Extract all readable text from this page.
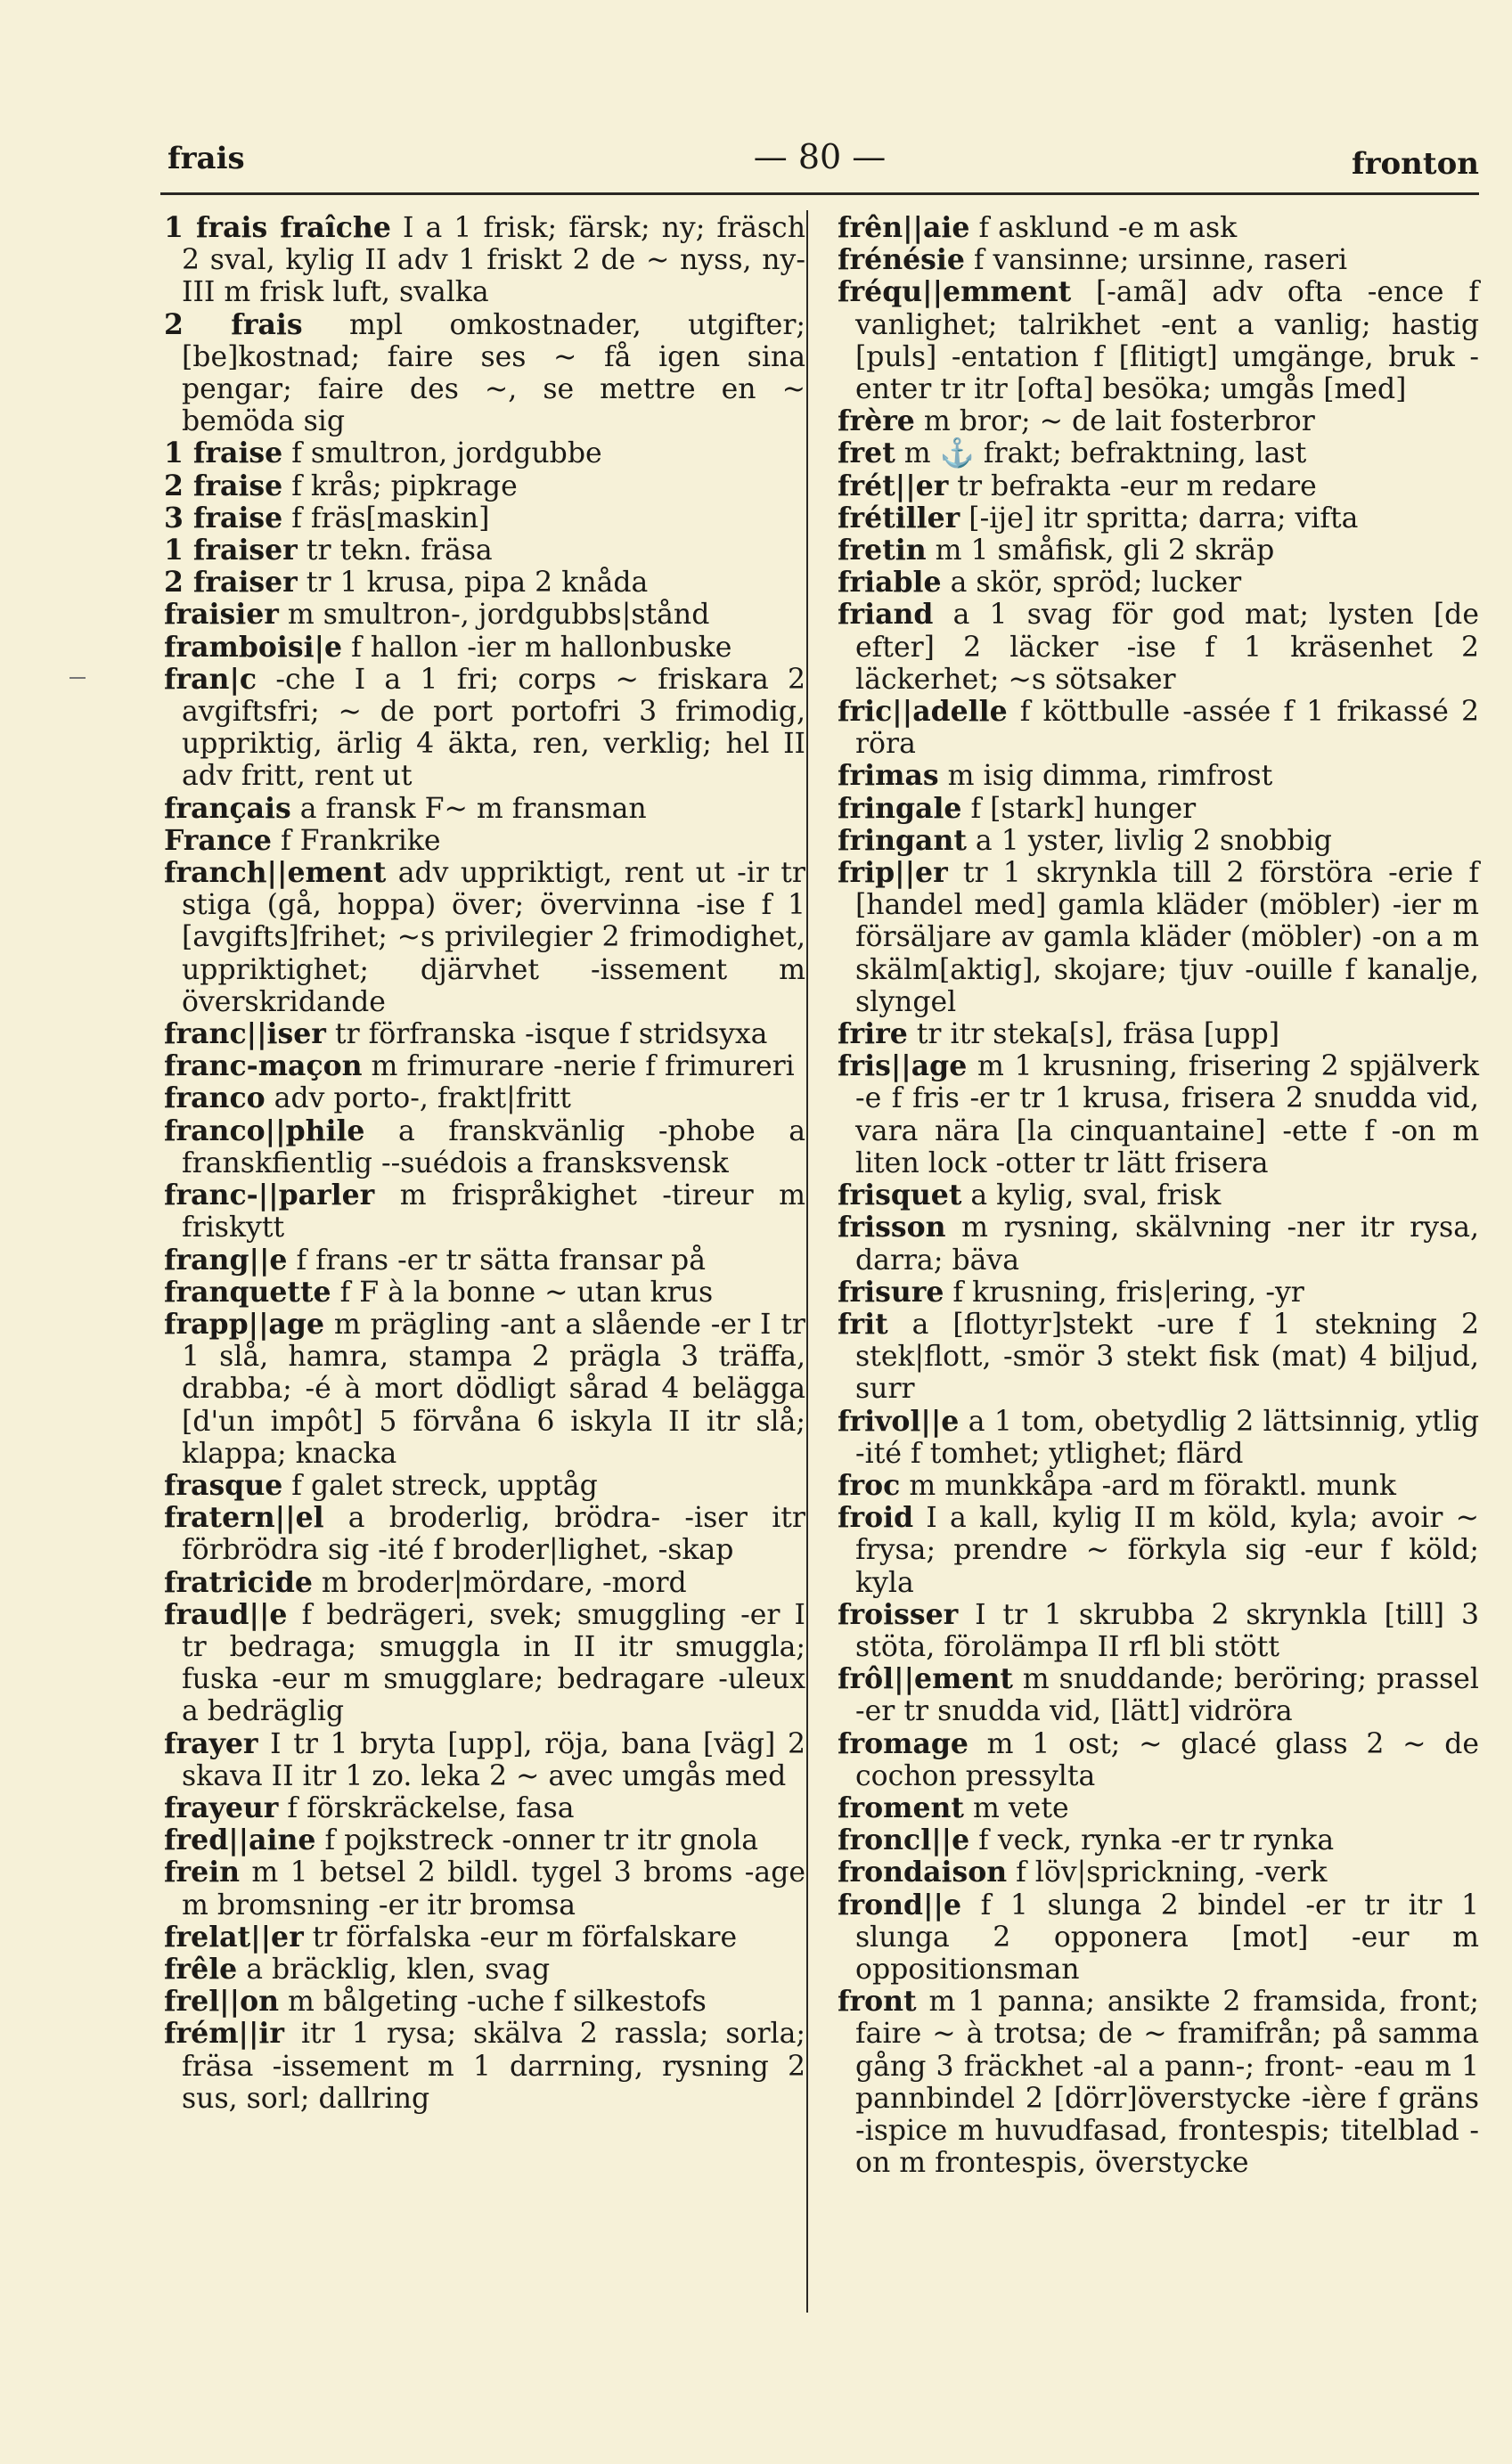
frais	— 80 —	fronton

1 frais fraîche I a 1 frisk; färsk; ny; fräsch 2 sval, kylig II adv 1 friskt 2 de ~ nyss, ny- III m frisk luft, svalka

2 frais mpl omkostnader, utgifter; [be]kostnad; faire ses ~ få igen sina pengar; faire des ~, se mettre en ~ bemöda sig

1 fraise f smultron, jordgubbe

2 fraise f krås; pipkrage

3 fraise f fräs[maskin]

1 fraiser tr tekn. fräsa

2 fraiser tr 1 krusa, pipa 2 knåda

fraisier m smultron-, jordgubbs|stånd

framboisi|e f hallon -ier m hallonbuske

fran|c -che I a 1 fri; corps ~ friskara 2 avgiftsfri; ~ de port portofri 3 frimodig, uppriktig, ärlig 4 äkta, ren, verklig; hel II adv fritt, rent ut

français a fransk F~ m fransman

France f Frankrike

franch||ement adv uppriktigt, rent ut -ir tr stiga (gå, hoppa) över; övervinna -ise f 1 [avgifts]frihet; ~s privilegier 2 frimodighet, uppriktighet; djärvhet -issement m överskridande

franc||iser tr förfranska -isque f stridsyxa

franc-maçon m frimurare -nerie f frimureri

franco adv porto-, frakt|fritt

franco||phile a franskvänlig -phobe a franskfientlig --suédois a fransksvensk

franc-||parler m frispråkighet -tireur m friskytt

frang||e f frans -er tr sätta fransar på

franquette f F à la bonne ~ utan krus

frapp||age m prägling -ant a slående -er I tr 1 slå, hamra, stampa 2 prägla 3 träffa, drabba; -é à mort dödligt sårad 4 belägga [d'un impôt] 5 förvåna 6 iskyla II itr slå; klappa; knacka

frasque f galet streck, upptåg

fratern||el a broderlig, brödra- -iser itr förbrödra sig -ité f broder|lighet, -skap

fratricide m broder|mördare, -mord

fraud||e f bedrägeri, svek; smuggling -er I tr bedraga; smuggla in II itr smuggla; fuska -eur m smugglare; bedragare -uleux a bedräglig

frayer I tr 1 bryta [upp], röja, bana [väg] 2 skava II itr 1 zo. leka 2 ~ avec umgås med

frayeur f förskräckelse, fasa

fred||aine f pojkstreck -onner tr itr gnola

frein m 1 betsel 2 bildl. tygel 3 broms -age m bromsning -er itr bromsa

frelat||er tr förfalska -eur m förfalskare

frêle a bräcklig, klen, svag

frel||on m bålgeting -uche f silkestofs

frém||ir itr 1 rysa; skälva 2 rassla; sorla; fräsa -issement m 1 darrning, rysning 2 sus, sorl; dallring

frên||aie f asklund -e m ask

frénésie f vansinne; ursinne, raseri

fréqu||emment [-amã] adv ofta -ence f vanlighet; talrikhet -ent a vanlig; hastig [puls] -entation f [flitigt] umgänge, bruk -enter tr itr [ofta] besöka; umgås [med]

frère m bror; ~ de lait fosterbror

fret m ⚓ frakt; befraktning, last

frét||er tr befrakta -eur m redare

frétiller [-ije] itr spritta; darra; vifta

fretin m 1 småfisk, gli 2 skräp

friable a skör, spröd; lucker

friand a 1 svag för god mat; lysten [de efter] 2 läcker -ise f 1 kräsenhet 2 läckerhet; ~s sötsaker

fric||adelle f köttbulle -assée f 1 frikassé 2 röra

frimas m isig dimma, rimfrost

fringale f [stark] hunger

fringant a 1 yster, livlig 2 snobbig

frip||er tr 1 skrynkla till 2 förstöra -erie f [handel med] gamla kläder (möbler) -ier m försäljare av gamla kläder (möbler) -on a m skälm[aktig], skojare; tjuv -ouille f kanalje, slyngel

frire tr itr steka[s], fräsa [upp]

fris||age m 1 krusning, frisering 2 spjälverk -e f fris -er tr 1 krusa, frisera 2 snudda vid, vara nära [la cinquantaine] -ette f -on m liten lock -otter tr lätt frisera

frisquet a kylig, sval, frisk

frisson m rysning, skälvning -ner itr rysa, darra; bäva

frisure f krusning, fris|ering, -yr

frit a [flottyr]stekt -ure f 1 stekning 2 stek|flott, -smör 3 stekt fisk (mat) 4 biljud, surr

frivol||e a 1 tom, obetydlig 2 lättsinnig, ytlig -ité f tomhet; ytlighet; flärd

froc m munkkåpa -ard m föraktl. munk

froid I a kall, kylig II m köld, kyla; avoir ~ frysa; prendre ~ förkyla sig -eur f köld; kyla

froisser I tr 1 skrubba 2 skrynkla [till] 3 stöta, förolämpa II rfl bli stött

frôl||ement m snuddande; beröring; prassel -er tr snudda vid, [lätt] vidröra

fromage m 1 ost; ~ glacé glass 2 ~ de cochon pressylta

froment m vete

froncl||e f veck, rynka -er tr rynka

frondaison f löv|sprickning, -verk

frond||e f 1 slunga 2 bindel -er tr itr 1 slunga 2 opponera [mot] -eur m oppositionsman

front m 1 panna; ansikte 2 framsida, front; faire ~ à trotsa; de ~ framifrån; på samma gång 3 fräckhet -al a pann-; front- -eau m 1 pannbindel 2 [dörr]överstycke -ière f gräns -ispice m huvudfasad, frontespis; titelblad -on m frontespis, överstycke
